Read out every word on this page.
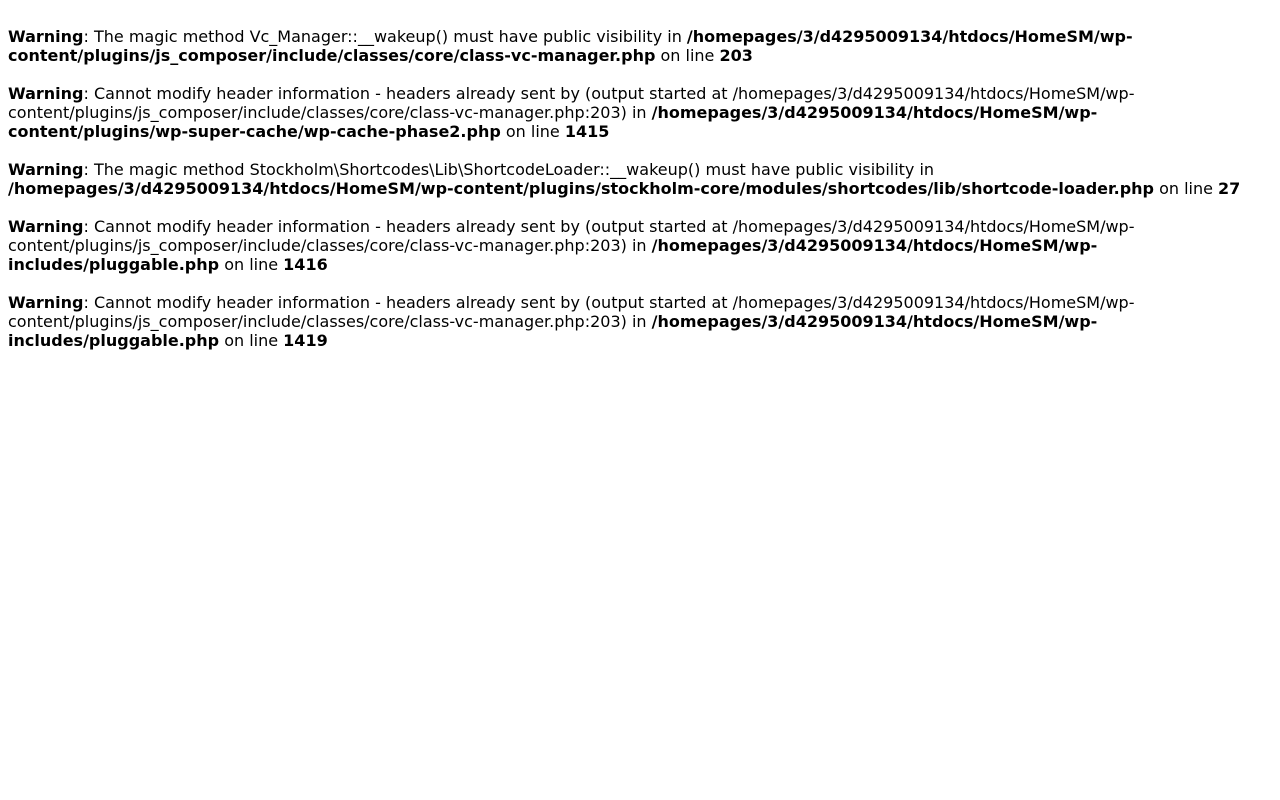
Warning: The magic method Vc_Manager::__wakeup() must have public visibility in /homepages/3/d4295009134/htdocs/HomeSM/wp-content/plugins/js_composer/include/classes/core/class-vc-manager.php on line 203
Warning: Cannot modify header information - headers already sent by (output started at /homepages/3/d4295009134/htdocs/HomeSM/wp-content/plugins/js_composer/include/classes/core/class-vc-manager.php:203) in /homepages/3/d4295009134/htdocs/HomeSM/wp-content/plugins/wp-super-cache/wp-cache-phase2.php on line 1415
Warning: The magic method Stockholm\Shortcodes\Lib\ShortcodeLoader::__wakeup() must have public visibility in /homepages/3/d4295009134/htdocs/HomeSM/wp-content/plugins/stockholm-core/modules/shortcodes/lib/shortcode-loader.php on line 27
Warning: Cannot modify header information - headers already sent by (output started at /homepages/3/d4295009134/htdocs/HomeSM/wp-content/plugins/js_composer/include/classes/core/class-vc-manager.php:203) in /homepages/3/d4295009134/htdocs/HomeSM/wp-includes/pluggable.php on line 1416
Warning: Cannot modify header information - headers already sent by (output started at /homepages/3/d4295009134/htdocs/HomeSM/wp-content/plugins/js_composer/include/classes/core/class-vc-manager.php:203) in /homepages/3/d4295009134/htdocs/HomeSM/wp-includes/pluggable.php on line 1419
